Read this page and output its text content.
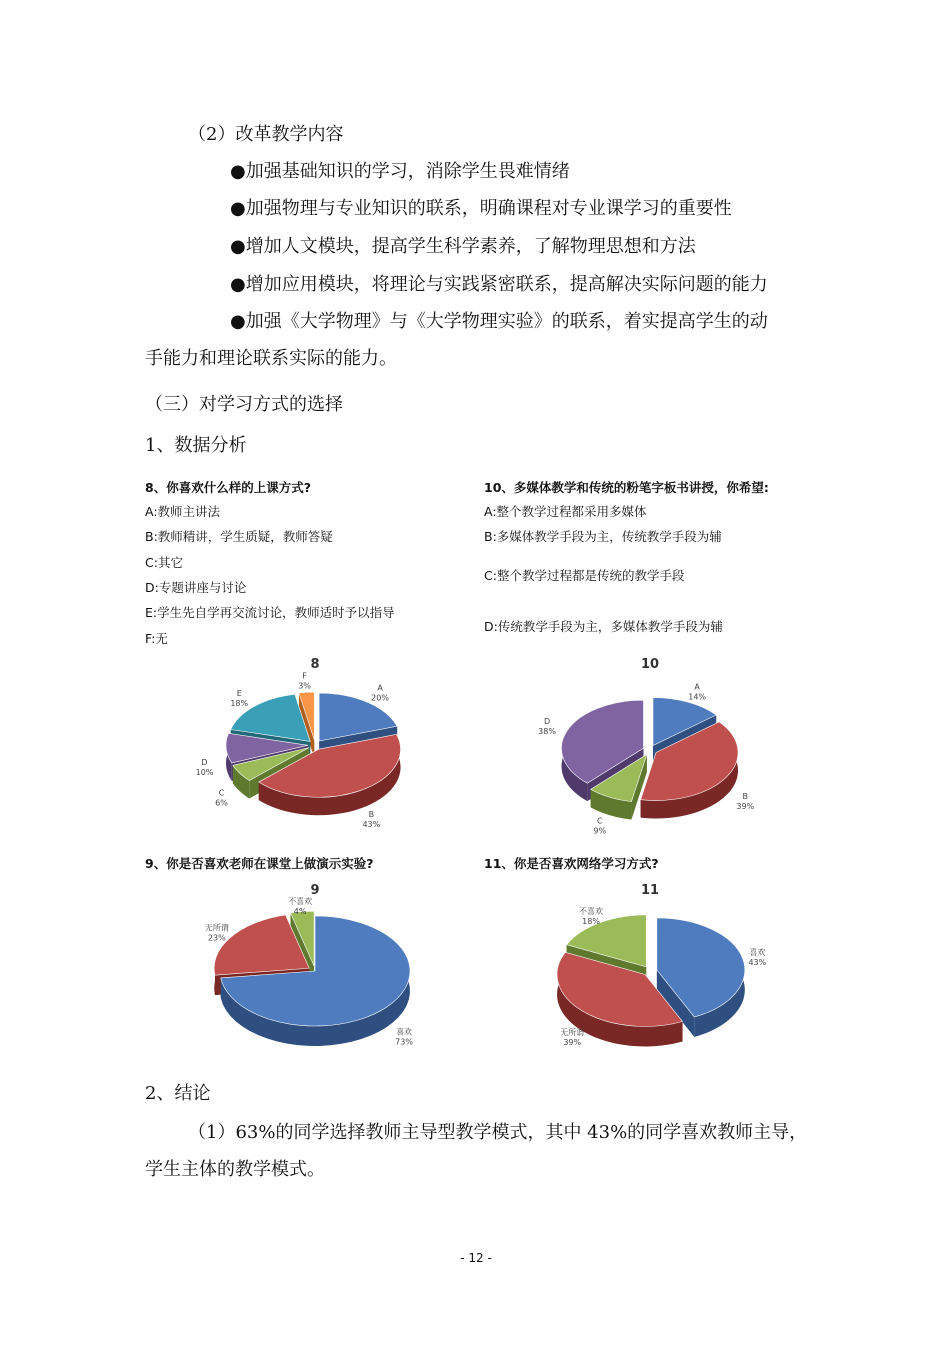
（2）改革教学内容
●加强基础知识的学习，消除学生畏难情绪
●加强物理与专业知识的联系，明确课程对专业课学习的重要性
●增加人文模块，提高学生科学素养，了解物理思想和方法
●增加应用模块，将理论与实践紧密联系，提高解决实际问题的能力
●加强《大学物理》与《大学物理实验》的联系，着实提高学生的动
手能力和理论联系实际的能力。
（三）对学习方式的选择
1、数据分析
8、你喜欢什么样的上课方式?
A:教师主讲法
B:教师精讲，学生质疑，教师答疑
C:其它
D:专题讲座与讨论
E:学生先自学再交流讨论，教师适时予以指导
F:无
10、多媒体教学和传统的粉笔字板书讲授，你希望:
A:整个教学过程都采用多媒体
B:多媒体教学手段为主，传统教学手段为辅
C:整个教学过程都是传统的教学手段
D:传统教学手段为主，多媒体教学手段为辅
8
A
20%
B
43%
C
6%
D
10%
E
18%
F
3%
10
A
14%
B
39%
C
9%
D
38%
9、你是否喜欢老师在课堂上做演示实验?	11、你是否喜欢网络学习方式?
9
喜欢
73%
无所谓
23%
不喜欢
4%
11
喜欢
43%
无所谓
39%
不喜欢
18%
2、结论
（1）63%的同学选择教师主导型教学模式，其中 43%的同学喜欢教师主导，
学生主体的教学模式。
- 12 -
